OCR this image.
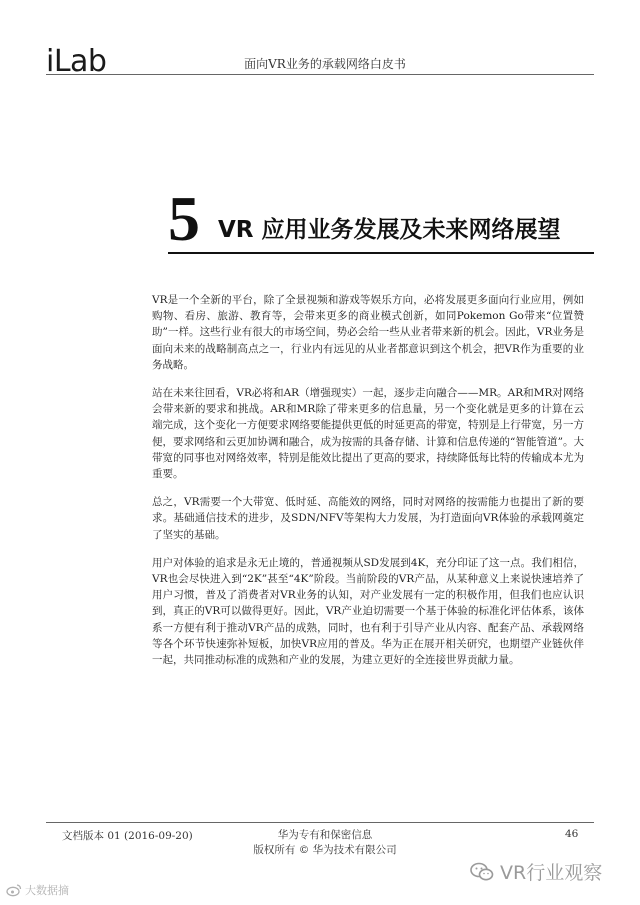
iLab	面向VR业务的承载网络白皮书
5 VR 应用业务发展及未来网络展望

VR是一个全新的平台，除了全景视频和游戏等娱乐方向，必将发展更多面向行业应用，例如购物、看房、旅游、教育等，会带来更多的商业模式创新，如同Pokemon Go带来“位置赞助”一样。这些行业有很大的市场空间，势必会给一些从业者带来新的机会。因此，VR业务是面向未来的战略制高点之一，行业内有远见的从业者都意识到这个机会，把VR作为重要的业务战略。

站在未来往回看，VR必将和AR（增强现实）一起，逐步走向融合——MR。AR和MR对网络会带来新的要求和挑战。AR和MR除了带来更多的信息量，另一个变化就是更多的计算在云端完成，这个变化一方便要求网络要能提供更低的时延更高的带宽，特别是上行带宽，另一方便，要求网络和云更加协调和融合，成为按需的具备存储、计算和信息传递的“智能管道”。大带宽的同事也对网络效率，特别是能效比提出了更高的要求，持续降低每比特的传输成本尤为重要。

总之，VR需要一个大带宽、低时延、高能效的网络，同时对网络的按需能力也提出了新的要求。基础通信技术的进步，及SDN/NFV等架构大力发展，为打造面向VR体验的承载网奠定了坚实的基础。

用户对体验的追求是永无止境的，普通视频从SD发展到4K，充分印证了这一点。我们相信，VR也会尽快进入到“2K”甚至“4K”阶段。当前阶段的VR产品，从某种意义上来说快速培养了用户习惯，普及了消费者对VR业务的认知，对产业发展有一定的积极作用，但我们也应认识到，真正的VR可以做得更好。因此，VR产业迫切需要一个基于体验的标准化评估体系，该体系一方便有利于推动VR产品的成熟，同时，也有利于引导产业从内容、配套产品、承载网络等各个环节快速弥补短板，加快VR应用的普及。华为正在展开相关研究，也期望产业链伙伴一起，共同推动标准的成熟和产业的发展，为建立更好的全连接世界贡献力量。

文档版本 01 (2016-09-20)	华为专有和保密信息
版权所有 © 华为技术有限公司
46
VR行业观察
大数据摘
